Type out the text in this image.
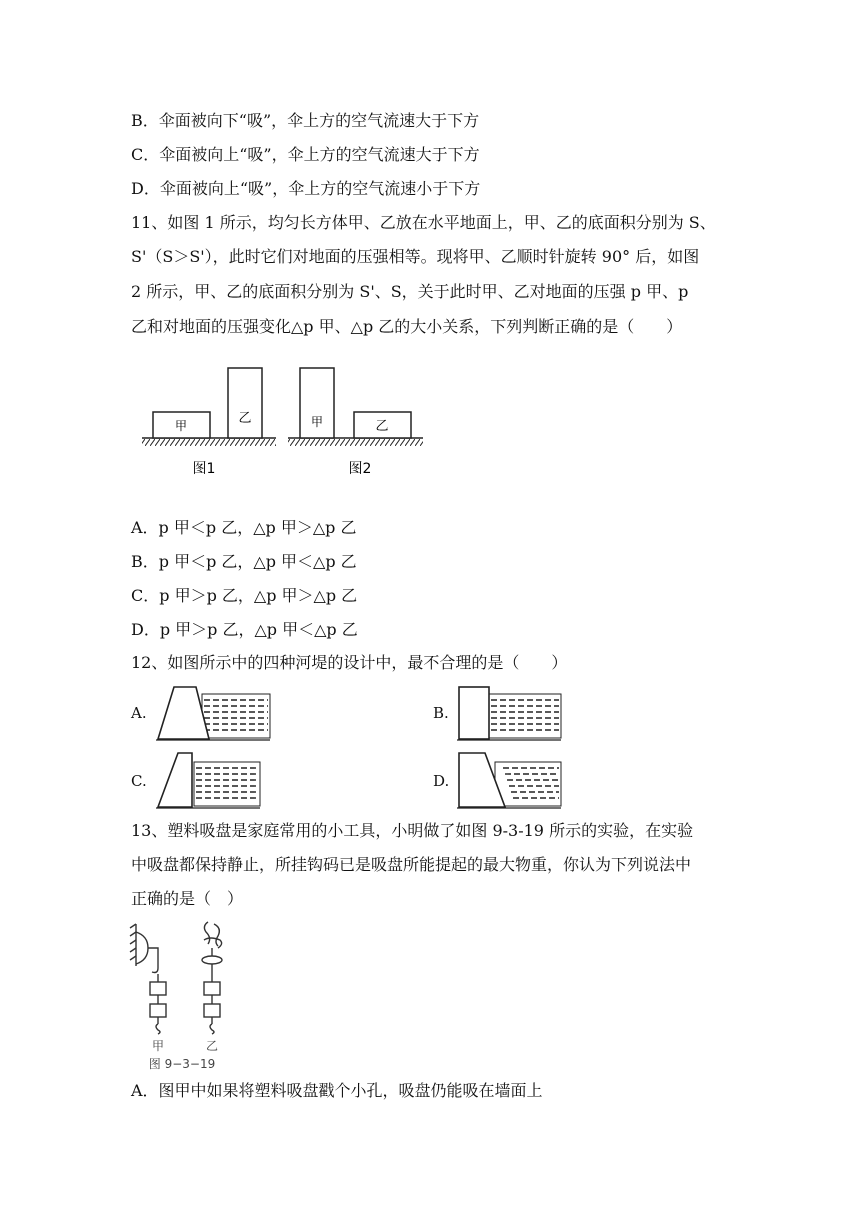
B．伞面被向下“吸”，伞上方的空气流速大于下方
C．伞面被向上“吸”，伞上方的空气流速大于下方
D．伞面被向上“吸”，伞上方的空气流速小于下方
11、如图 1 所示，均匀长方体甲、乙放在水平地面上，甲、乙的底面积分别为 S、
S'（S＞S'），此时它们对地面的压强相等。现将甲、乙顺时针旋转 90° 后，如图
2 所示，甲、乙的底面积分别为 S'、S，关于此时甲、乙对地面的压强 p 甲、p
乙和对地面的压强变化△p 甲、△p 乙的大小关系，下列判断正确的是（　　）
甲	乙
图1
甲	乙
图2
A．p 甲＜p 乙，△p 甲＞△p 乙
B．p 甲＜p 乙，△p 甲＜△p 乙
C．p 甲＞p 乙，△p 甲＞△p 乙
D．p 甲＞p 乙，△p 甲＜△p 乙
12、如图所示中的四种河堤的设计中，最不合理的是（　　）
A.	B.
C.	D.
13、塑料吸盘是家庭常用的小工具，小明做了如图 9-3-19 所示的实验，在实验
中吸盘都保持静止，所挂钩码已是吸盘所能提起的最大物重，你认为下列说法中
正确的是（　）
甲	乙
图 9−3−19
A．图甲中如果将塑料吸盘戳个小孔，吸盘仍能吸在墙面上
